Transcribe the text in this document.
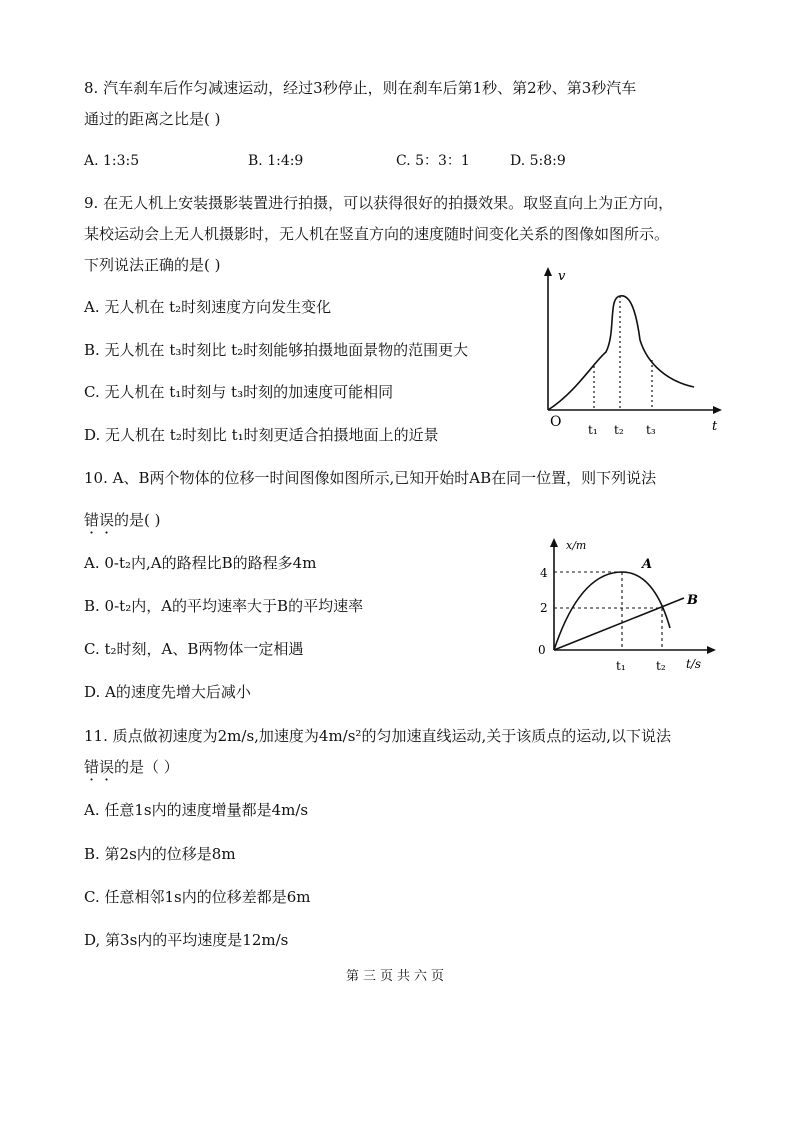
8. 汽车刹车后作匀减速运动，经过3秒停止，则在刹车后第1秒、第2秒、第3秒汽车
通过的距离之比是( )
A. 1:3:5	B. 1:4:9	C. 5：3：1	D. 5:8:9
9. 在无人机上安装摄影装置进行拍摄，可以获得很好的拍摄效果。取竖直向上为正方向，
某校运动会上无人机摄影时，无人机在竖直方向的速度随时间变化关系的图像如图所示。
下列说法正确的是( )
A. 无人机在 t₂时刻速度方向发生变化
B. 无人机在 t₃时刻比 t₂时刻能够拍摄地面景物的范围更大
C. 无人机在 t₁时刻与 t₃时刻的加速度可能相同
D. 无人机在 t₂时刻比 t₁时刻更适合拍摄地面上的近景
v
t
O t₁ t₂ t₃
10. A、B两个物体的位移一时间图像如图所示,已知开始时AB在同一位置，则下列说法
错误的是( )
A. 0-t₂内,A的路程比B的路程多4m
B. 0-t₂内，A的平均速率大于B的平均速率
C. t₂时刻，A、B两物体一定相遇
D. A的速度先增大后减小
x/m
t/s
0
2
4
A
B
t₁	t₂
11. 质点做初速度为2m/s,加速度为4m/s²的匀加速直线运动,关于该质点的运动,以下说法
错误的是（ ）
A. 任意1s内的速度增量都是4m/s
B. 第2s内的位移是8m
C. 任意相邻1s内的位移差都是6m
D, 第3s内的平均速度是12m/s
第三页共六页
